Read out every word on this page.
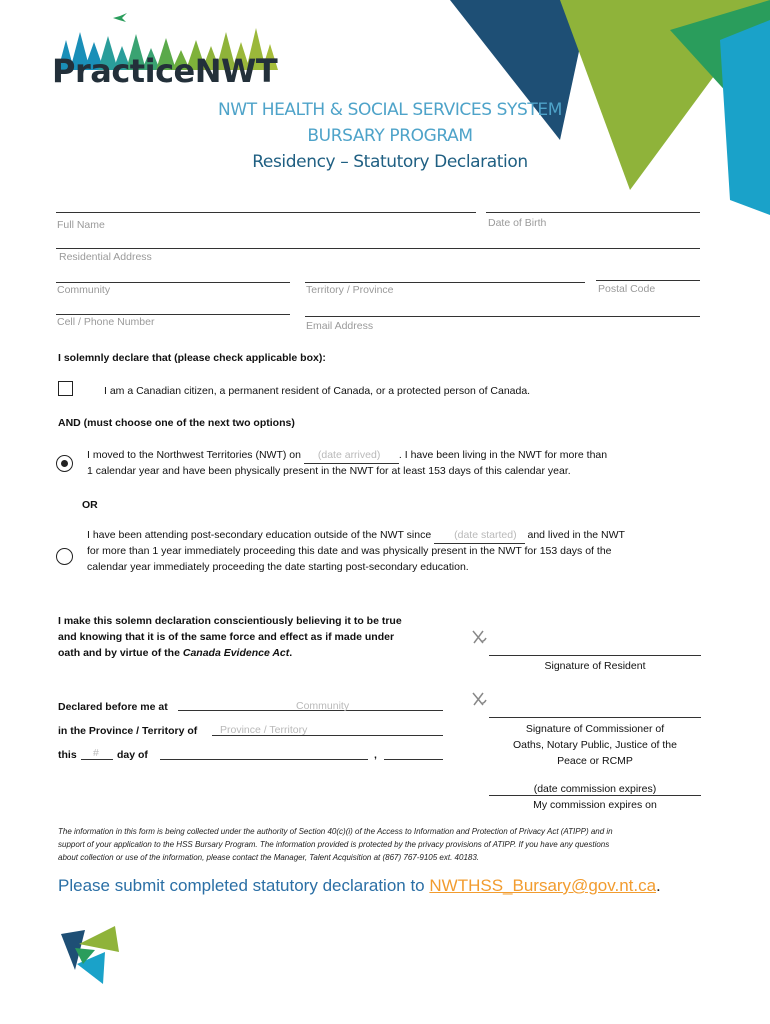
PracticeNWT
NWT HEALTH & SOCIAL SERVICES SYSTEM
BURSARY PROGRAM
Residency – Statutory Declaration
Full Name	Date of Birth
Residential Address
Community	Territory / Province	Postal Code
Cell / Phone Number	Email Address
I solemnly declare that (please check applicable box):
I am a Canadian citizen, a permanent resident of Canada, or a protected person of Canada.
AND (must choose one of the next two options)
I moved to the Northwest Territories (NWT) on (date arrived) . I have been living in the NWT for more than
1 calendar year and have been physically present in the NWT for at least 153 days of this calendar year.
OR
I have been attending post-secondary education outside of the NWT since (date started) and lived in the NWT
for more than 1 year immediately proceeding this date and was physically present in the NWT for 153 days of the
calendar year immediately proceeding the date starting post-secondary education.
I make this solemn declaration conscientiously believing it to be true
and knowing that it is of the same force and effect as if made under
oath and by virtue of the Canada Evidence Act.
Signature of Resident
Declared before me at	Community
in the Province / Territory of Province / Territory
this # day of	,
Signature of Commissioner of
Oaths, Notary Public, Justice of the
Peace or RCMP
(date commission expires)
My commission expires on
The information in this form is being collected under the authority of Section 40(c)(i) of the Access to Information and Protection of Privacy Act (ATIPP) and in
support of your application to the HSS Bursary Program. The information provided is protected by the privacy provisions of ATIPP. If you have any questions
about collection or use of the information, please contact the Manager, Talent Acquisition at (867) 767-9105 ext. 40183.
Please submit completed statutory declaration to NWTHSS_Bursary@gov.nt.ca.
